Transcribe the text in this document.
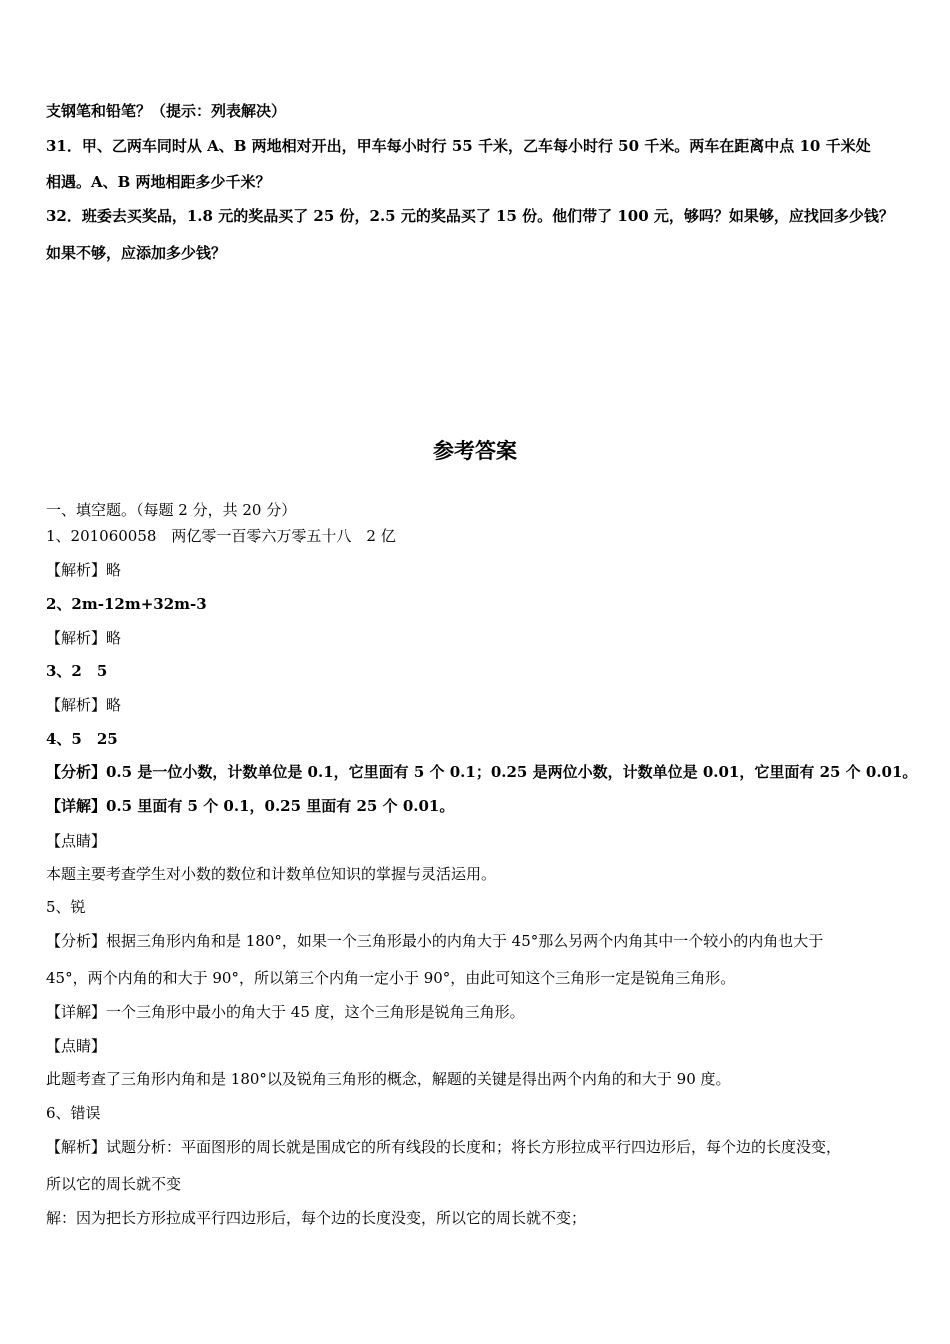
支钢笔和铅笔？（提示：列表解决）
31．甲、乙两车同时从 A、B 两地相对开出，甲车每小时行 55 千米，乙车每小时行 50 千米。两车在距离中点 10 千米处
相遇。A、B 两地相距多少千米？
32．班委去买奖品，1.8 元的奖品买了 25 份，2.5 元的奖品买了 15 份。他们带了 100 元，够吗？如果够，应找回多少钱？
如果不够，应添加多少钱？
参考答案
一、填空题。（每题 2 分，共 20 分）
1、201060058　两亿零一百零六万零五十八　2 亿
【解析】略
2、2m-12m+32m-3
【解析】略
3、2　5
【解析】略
4、5　25
【分析】0.5 是一位小数，计数单位是 0.1，它里面有 5 个 0.1；0.25 是两位小数，计数单位是 0.01，它里面有 25 个 0.01。
【详解】0.5 里面有 5 个 0.1，0.25 里面有 25 个 0.01。
【点睛】
本题主要考查学生对小数的数位和计数单位知识的掌握与灵活运用。
5、锐
【分析】根据三角形内角和是 180°，如果一个三角形最小的内角大于 45°那么另两个内角其中一个较小的内角也大于
45°，两个内角的和大于 90°，所以第三个内角一定小于 90°，由此可知这个三角形一定是锐角三角形。
【详解】一个三角形中最小的角大于 45 度，这个三角形是锐角三角形。
【点睛】
此题考查了三角形内角和是 180°以及锐角三角形的概念，解题的关键是得出两个内角的和大于 90 度。
6、错误
【解析】试题分析：平面图形的周长就是围成它的所有线段的长度和；将长方形拉成平行四边形后，每个边的长度没变，
所以它的周长就不变
解：因为把长方形拉成平行四边形后，每个边的长度没变，所以它的周长就不变；
